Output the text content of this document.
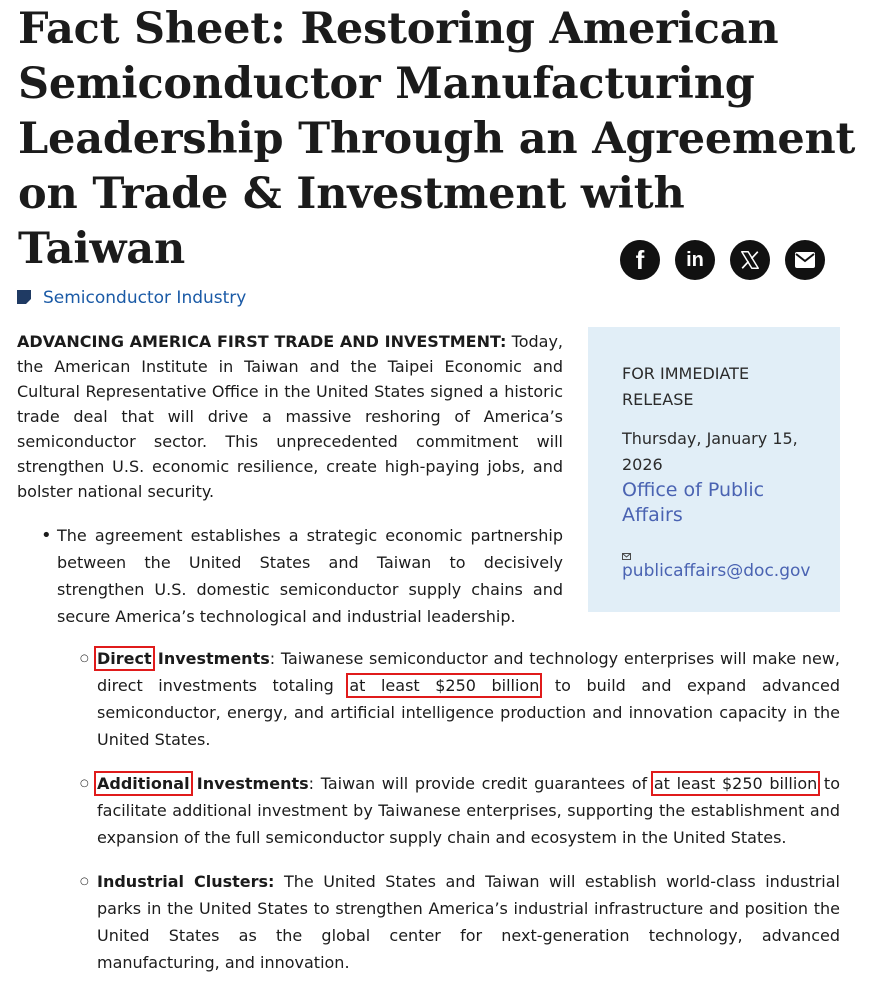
Fact Sheet: Restoring American Semiconductor Manufacturing Leadership Through an Agreement on Trade & Investment with Taiwan	f in
Semiconductor Industry

ADVANCING AMERICA FIRST TRADE AND INVESTMENT: Today, the American Institute in Taiwan and the Taipei Economic and Cultural Representative Office in the United States signed a historic trade deal that will drive a massive reshoring of America’s semiconductor sector. This unprecedented commitment will strengthen U.S. economic resilience, create high-paying jobs, and bolster national security.

• The agreement establishes a strategic economic partnership between the United States and Taiwan to decisively strengthen U.S. domestic semiconductor supply chains and secure America’s technological and industrial leadership.
FOR IMMEDIATE RELEASE
Thursday, January 15, 2026
Office of Public Affairs
publicaffairs@doc.gov
○ Direct Investments: Taiwanese semiconductor and technology enterprises will make new, direct investments totaling at least $250 billion to build and expand advanced semiconductor, energy, and artificial intelligence production and innovation capacity in the United States.
○ Additional Investments: Taiwan will provide credit guarantees of at least $250 billion to facilitate additional investment by Taiwanese enterprises, supporting the establishment and expansion of the full semiconductor supply chain and ecosystem in the United States.
○ Industrial Clusters: The United States and Taiwan will establish world-class industrial parks in the United States to strengthen America’s industrial infrastructure and position the United States as the global center for next-generation technology, advanced manufacturing, and innovation.
